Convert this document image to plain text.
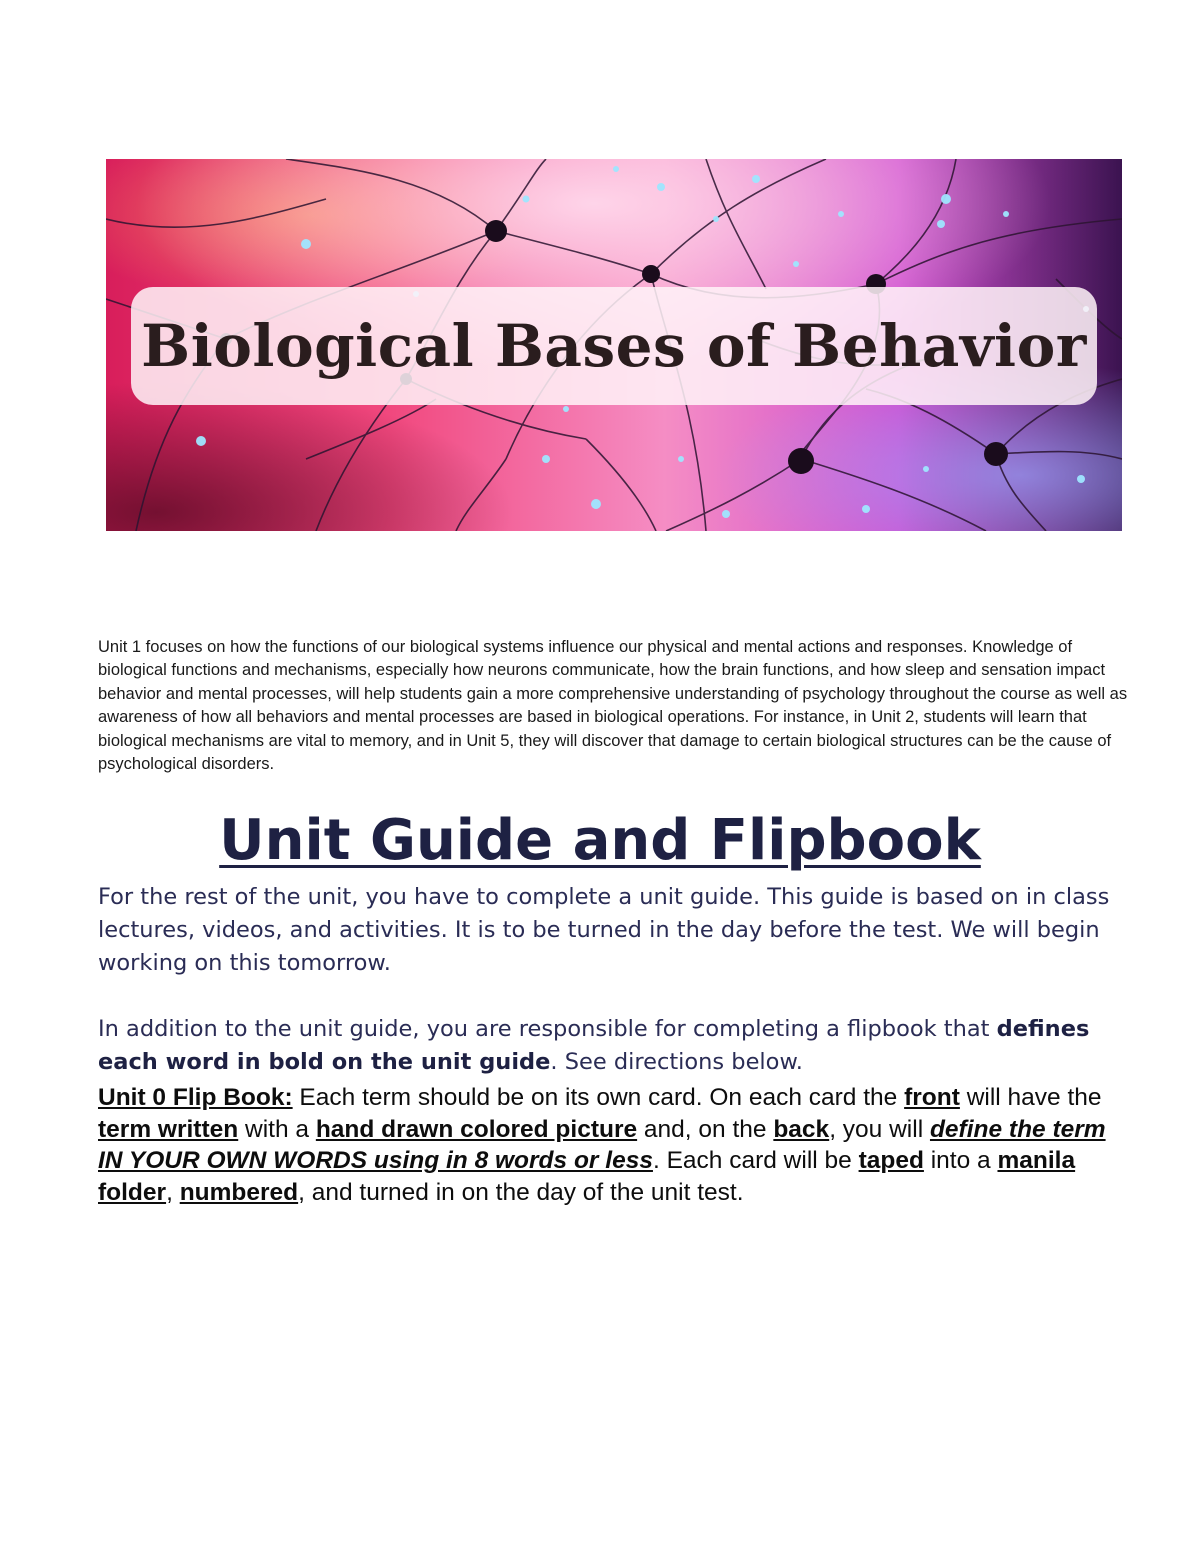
Biological Bases of Behavior

Unit 1 focuses on how the functions of our biological systems influence our physical and mental actions and responses. Knowledge of biological functions and mechanisms, especially how neurons communicate, how the brain functions, and how sleep and sensation impact behavior and mental processes, will help students gain a more comprehensive understanding of psychology throughout the course as well as awareness of how all behaviors and mental processes are based in biological operations. For instance, in Unit 2, students will learn that biological mechanisms are vital to memory, and in Unit 5, they will discover that damage to certain biological structures can be the cause of psychological disorders.

Unit Guide and Flipbook

For the rest of the unit, you have to complete a unit guide. This guide is based on in class lectures, videos, and activities. It is to be turned in the day before the test. We will begin working on this tomorrow.

In addition to the unit guide, you are responsible for completing a flipbook that defines each word in bold on the unit guide. See directions below.

Unit 0 Flip Book: Each term should be on its own card. On each card the front will have the term written with a hand drawn colored picture and, on the back, you will define the term IN YOUR OWN WORDS using in 8 words or less. Each card will be taped into a manila folder, numbered, and turned in on the day of the unit test.
